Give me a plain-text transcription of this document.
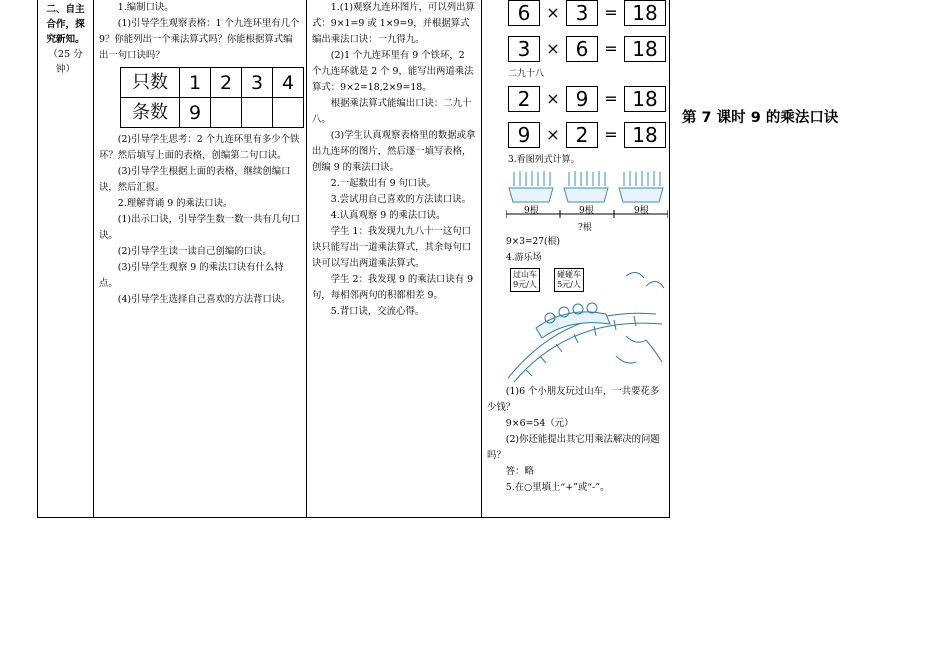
二、自主
合作，探
究新知。
（25 分
钟）

1.编制口诀。

(1)引导学生观察表格：1 个九连环里有几个 9？你能列出一个乘法算式吗？你能根据算式编出一句口诀吗？

只数	1	2	3	4
条数	9			

(2)引导学生思考：2 个九连环里有多少个铁环？然后填写上面的表格，创编第二句口诀。

(3)引导学生根据上面的表格，继续创编口诀，然后汇报。

2.理解背诵 9 的乘法口诀。

(1)出示口诀，引导学生数一数一共有几句口诀。

(2)引导学生读一读自己创编的口诀。

(3)引导学生观察 9 的乘法口诀有什么特点。

(4)引导学生选择自己喜欢的方法背口诀。

1.(1)观察九连环图片，可以列出算式：9×1=9 或 1×9=9，并根据算式编出乘法口诀：一九得九。

(2)1 个九连环里有 9 个铁环，2 个九连环就是 2 个 9，能写出两道乘法算式：9×2=18,2×9=18。

根据乘法算式能编出口诀：二九十八。

(3)学生认真观察表格里的数据或拿出九连环的图片，然后逐一填写表格，创编 9 的乘法口诀。

2.一起数出有 9 句口诀。

3.尝试用自己喜欢的方法读口诀。

4.认真观察 9 的乘法口诀。

学生 1：我发现九九八十一这句口诀只能写出一道乘法算式，其余每句口诀可以写出两道乘法算式。

学生 2：我发现 9 的乘法口诀有 9 句，每相邻两句的积都相差 9。

5.背口诀，交流心得。

6 × 3 = 18
3 × 6 = 18
二九十八
2 × 9 = 18
9 × 2 = 18
3.看图列式计算。
9根	9根	9根
?根
9×3=27(根)
4.游乐场
过山车
9元/人
碰碰车
5元/人

(1)6 个小朋友玩过山车，一共要花多少钱？

9×6=54（元）

(2)你还能提出其它用乘法解决的问题吗？

答：略

5.在○里填上“+”或“-”。

第 7 课时 9 的乘法口诀
